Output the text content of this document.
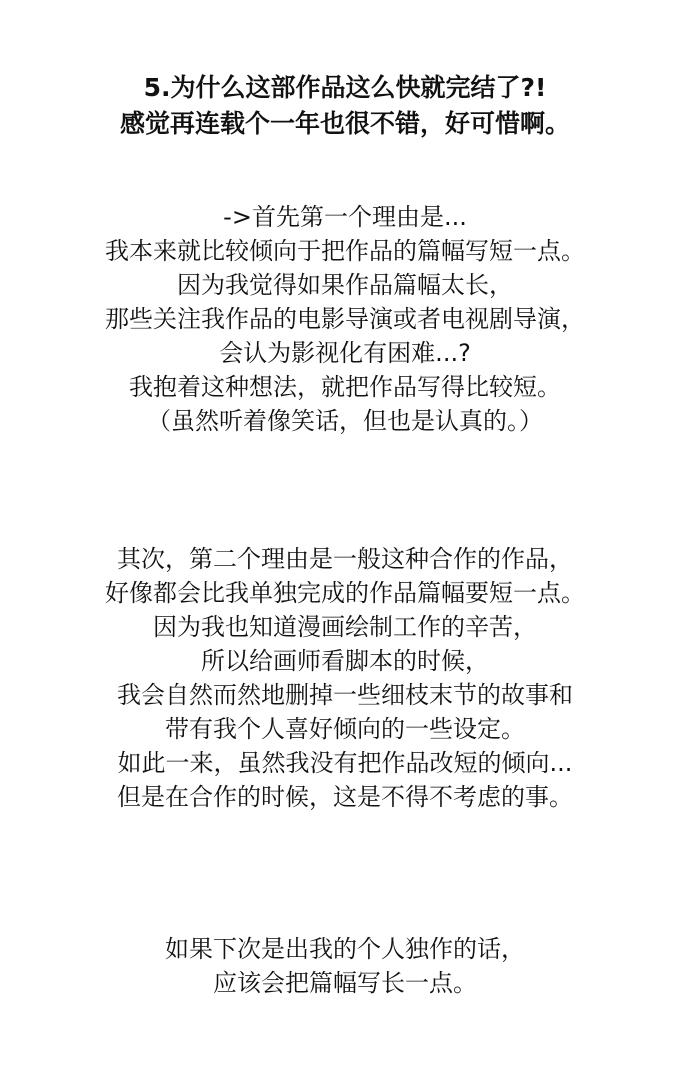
5.为什么这部作品这么快就完结了?!
感觉再连载个一年也很不错，好可惜啊。
->首先第一个理由是...
我本来就比较倾向于把作品的篇幅写短一点。
因为我觉得如果作品篇幅太长，
那些关注我作品的电影导演或者电视剧导演，
会认为影视化有困难...?
我抱着这种想法，就把作品写得比较短。
（虽然听着像笑话，但也是认真的。）
其次，第二个理由是一般这种合作的作品，
好像都会比我单独完成的作品篇幅要短一点。
因为我也知道漫画绘制工作的辛苦，
所以给画师看脚本的时候，
我会自然而然地删掉一些细枝末节的故事和
带有我个人喜好倾向的一些设定。
如此一来，虽然我没有把作品改短的倾向...
但是在合作的时候，这是不得不考虑的事。
如果下次是出我的个人独作的话，
应该会把篇幅写长一点。
